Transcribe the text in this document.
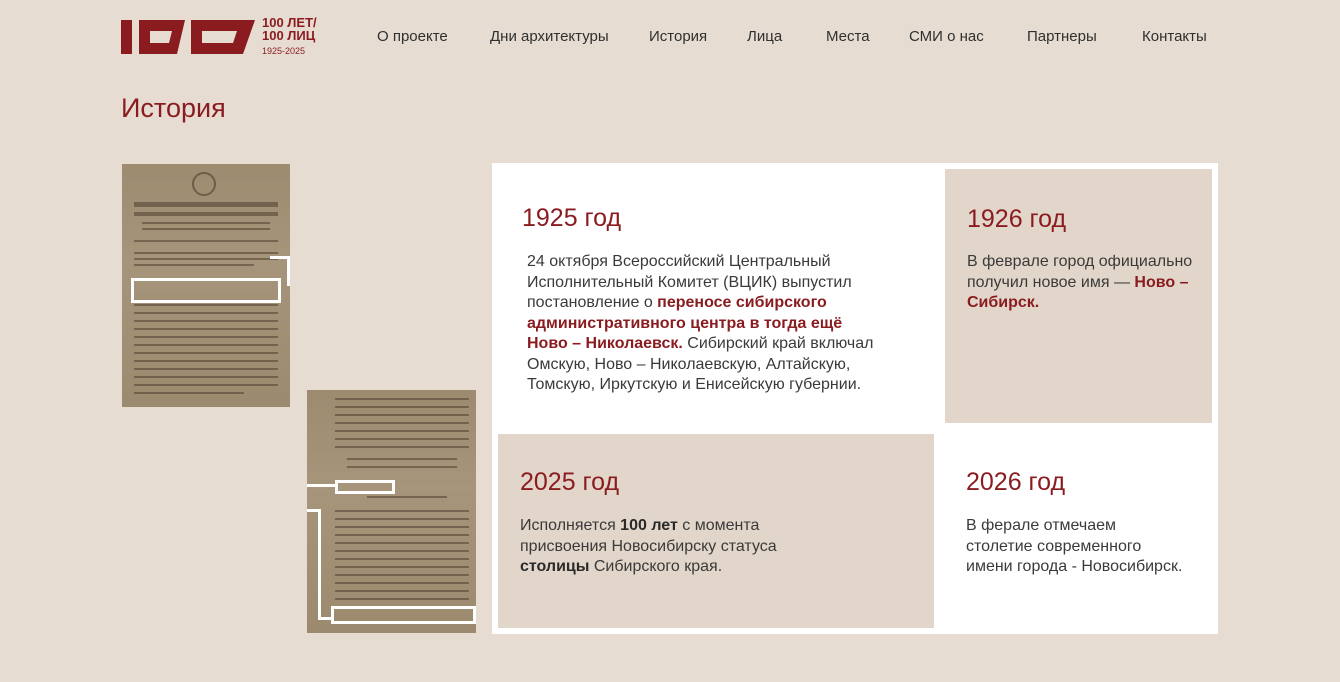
100 ЛЕТ/
100 ЛИЦ
1925-2025
О проекте	Дни архитектуры	История	Лица	Места	СМИ о нас	Партнеры	Контакты
История
1925 год
24 октября Всероссийский Центральный Исполнительный Комитет (ВЦИК) выпустил постановление о переносе сибирского административного центра в тогда ещё Ново – Николаевск. Сибирский край включал Омскую, Ново – Николаевскую, Алтайскую, Томскую, Иркутскую и Енисейскую губернии.
1926 год
В феврале город официально получил новое имя — Ново – Сибирск.
2025 год
Исполняется 100 лет с момента присвоения Новосибирску статуса столицы Сибирского края.
2026 год
В ферале отмечаем столетие современного имени города - Новосибирск.
